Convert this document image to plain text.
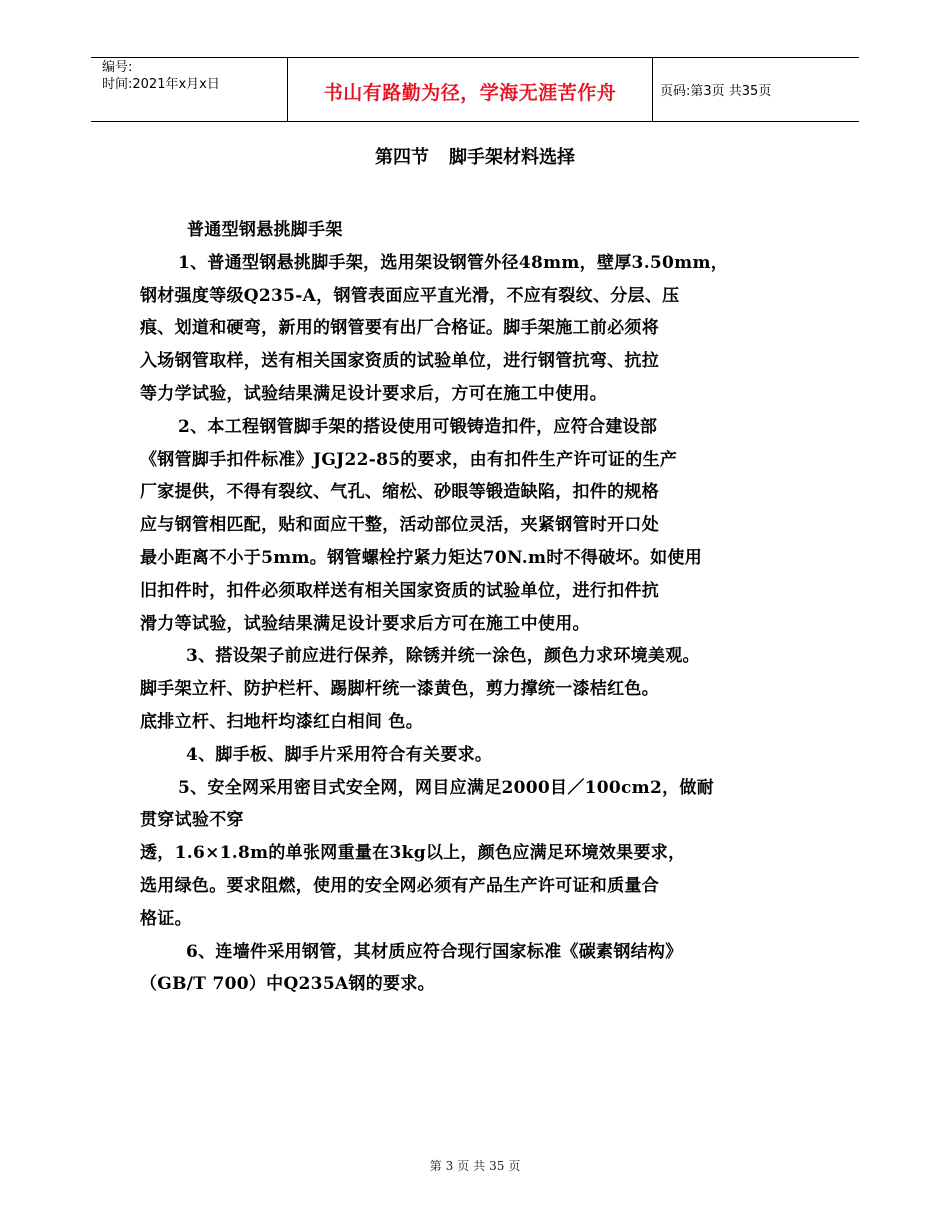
编号:
时间:2021年x月x日	书山有路勤为径，学海无涯苦作舟	页码:第3页 共35页
第四节 脚手架材料选择

普通型钢悬挑脚手架

1、普通型钢悬挑脚手架，选用架设钢管外径48mm，壁厚3.50mm，

钢材强度等级Q235-A，钢管表面应平直光滑，不应有裂纹、分层、压

痕、划道和硬弯，新用的钢管要有出厂合格证。脚手架施工前必须将

入场钢管取样，送有相关国家资质的试验单位，进行钢管抗弯、抗拉

等力学试验，试验结果满足设计要求后，方可在施工中使用。

2、本工程钢管脚手架的搭设使用可锻铸造扣件，应符合建设部

《钢管脚手扣件标准》JGJ22-85的要求，由有扣件生产许可证的生产

厂家提供，不得有裂纹、气孔、缩松、砂眼等锻造缺陷，扣件的规格

应与钢管相匹配，贴和面应干整，活动部位灵活，夹紧钢管时开口处

最小距离不小于5mm。钢管螺栓拧紧力矩达70N.m时不得破坏。如使用

旧扣件时，扣件必须取样送有相关国家资质的试验单位，进行扣件抗

滑力等试验，试验结果满足设计要求后方可在施工中使用。

3、搭设架子前应进行保养，除锈并统一涂色，颜色力求环境美观。

脚手架立杆、防护栏杆、踢脚杆统一漆黄色，剪力撑统一漆桔红色。

底排立杆、扫地杆均漆红白相间 色。

4、脚手板、脚手片采用符合有关要求。

5、安全网采用密目式安全网，网目应满足2000目／100cm2，做耐

贯穿试验不穿

透，1.6×1.8m的单张网重量在3kg以上，颜色应满足环境效果要求，

选用绿色。要求阻燃，使用的安全网必须有产品生产许可证和质量合

格证。

6、连墙件采用钢管，其材质应符合现行国家标准《碳素钢结构》

（GB/T 700）中Q235A钢的要求。

第 3 页 共 35 页
